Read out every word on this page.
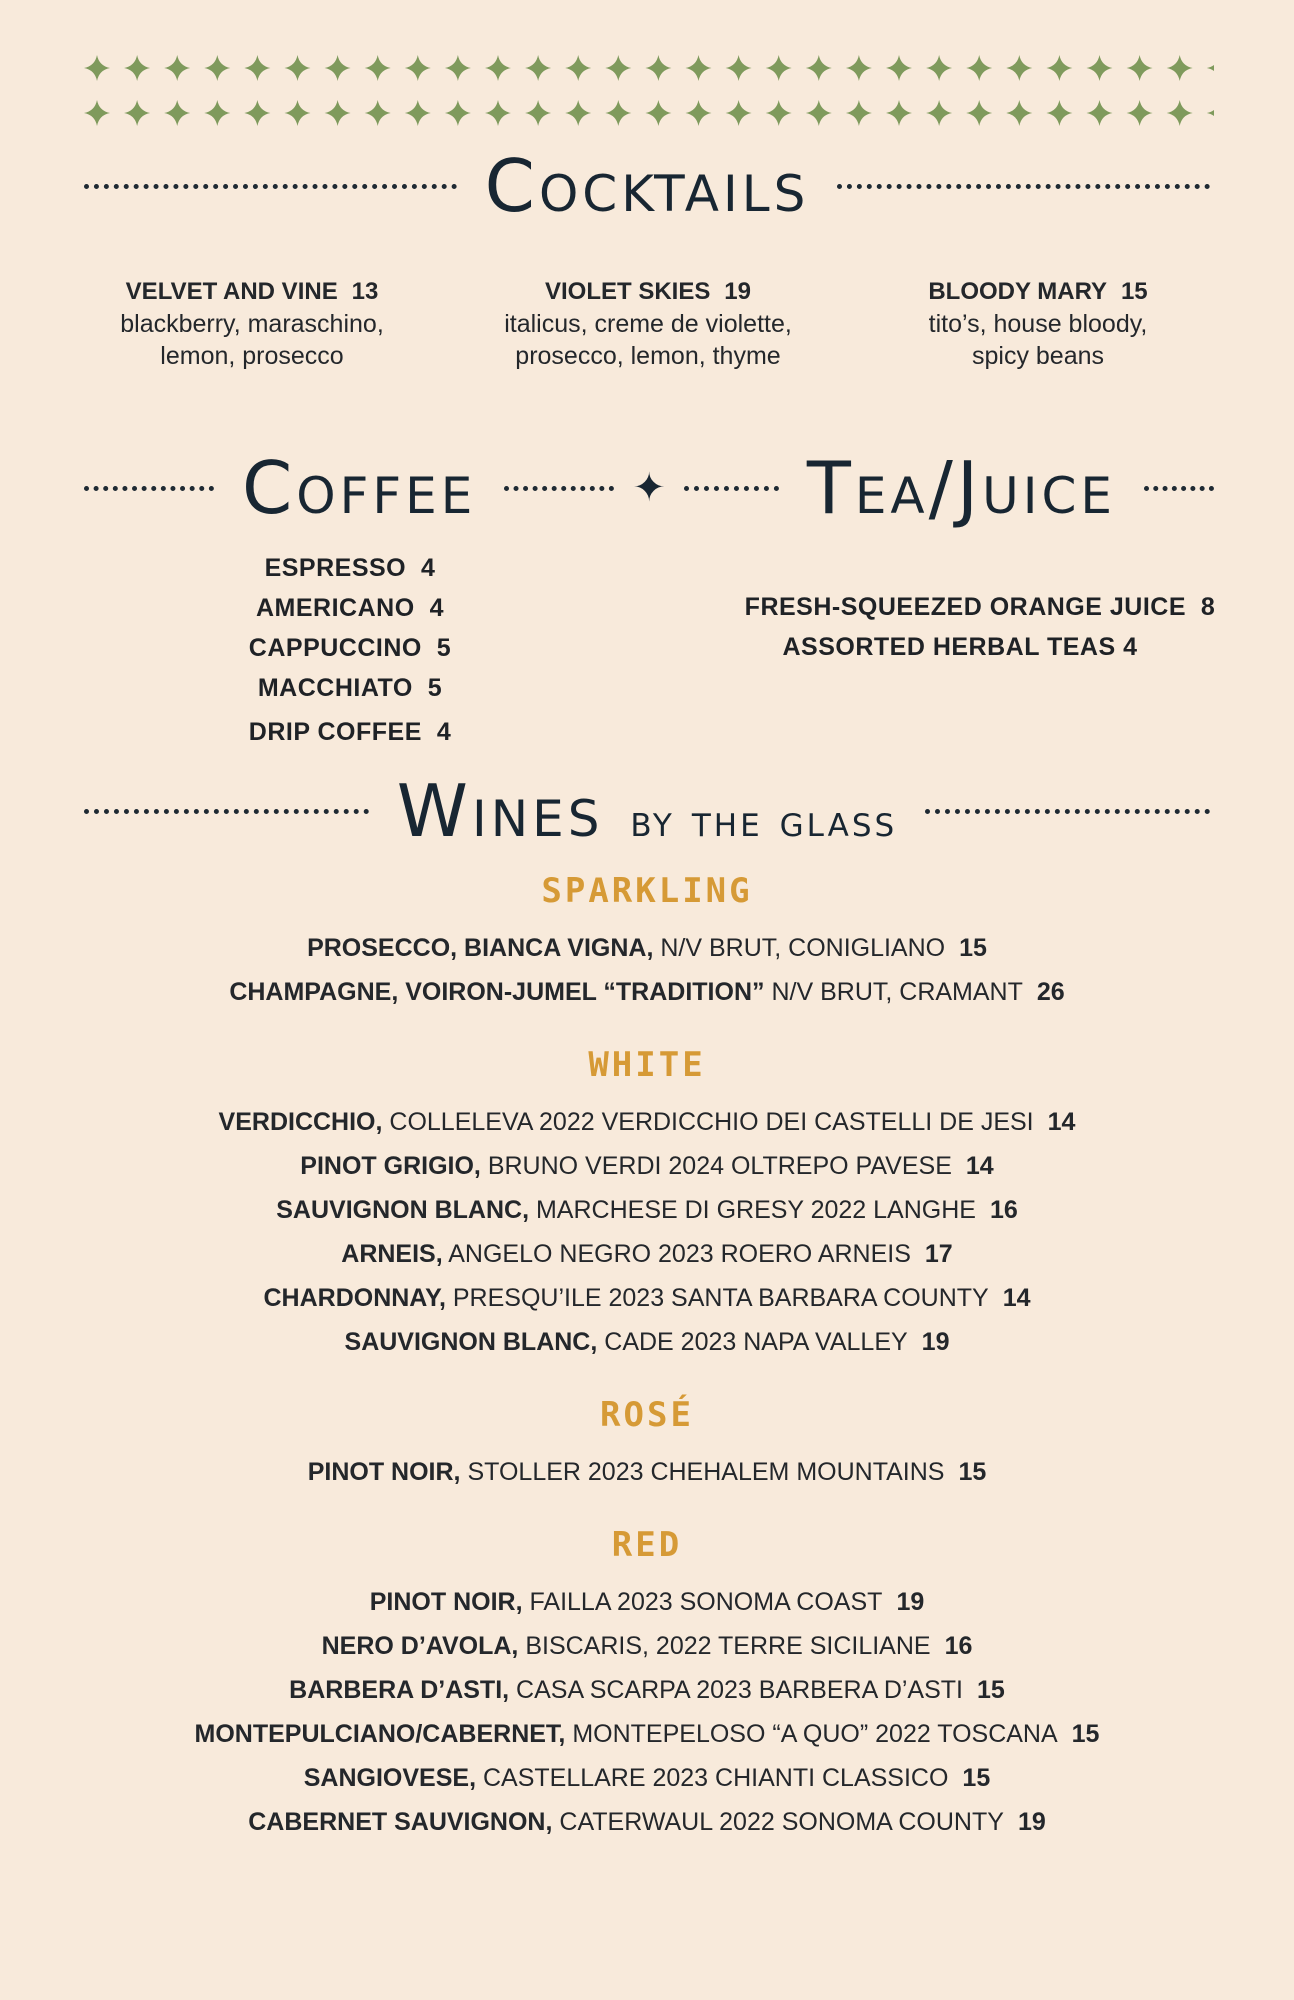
Cocktails
VELVET AND VINE 13
blackberry, maraschino,
lemon, prosecco
VIOLET SKIES 19
italicus, creme de violette,
prosecco, lemon, thyme
BLOODY MARY 15
tito’s, house bloody,
spicy beans
Coffee	✦	Tea/Juice
ESPRESSO 4
AMERICANO 4
CAPPUCCINO 5
MACCHIATO 5
DRIP COFFEE 4
FRESH-SQUEEZED ORANGE JUICE 8
ASSORTED HERBAL TEAS 4
Wines by the glass
SPARKLING
PROSECCO, BIANCA VIGNA, N/V BRUT, CONIGLIANO 15
CHAMPAGNE, VOIRON-JUMEL “TRADITION” N/V BRUT, CRAMANT 26
WHITE
VERDICCHIO, COLLELEVA 2022 VERDICCHIO DEI CASTELLI DE JESI 14
PINOT GRIGIO, BRUNO VERDI 2024 OLTREPO PAVESE 14
SAUVIGNON BLANC, MARCHESE DI GRESY 2022 LANGHE 16
ARNEIS, ANGELO NEGRO 2023 ROERO ARNEIS 17
CHARDONNAY, PRESQU’ILE 2023 SANTA BARBARA COUNTY 14
SAUVIGNON BLANC, CADE 2023 NAPA VALLEY 19
ROSÉ
PINOT NOIR, STOLLER 2023 CHEHALEM MOUNTAINS 15
RED
PINOT NOIR, FAILLA 2023 SONOMA COAST 19
NERO D’AVOLA, BISCARIS, 2022 TERRE SICILIANE 16
BARBERA D’ASTI, CASA SCARPA 2023 BARBERA D’ASTI 15
MONTEPULCIANO/CABERNET, MONTEPELOSO “A QUO” 2022 TOSCANA 15
SANGIOVESE, CASTELLARE 2023 CHIANTI CLASSICO 15
CABERNET SAUVIGNON, CATERWAUL 2022 SONOMA COUNTY 19
